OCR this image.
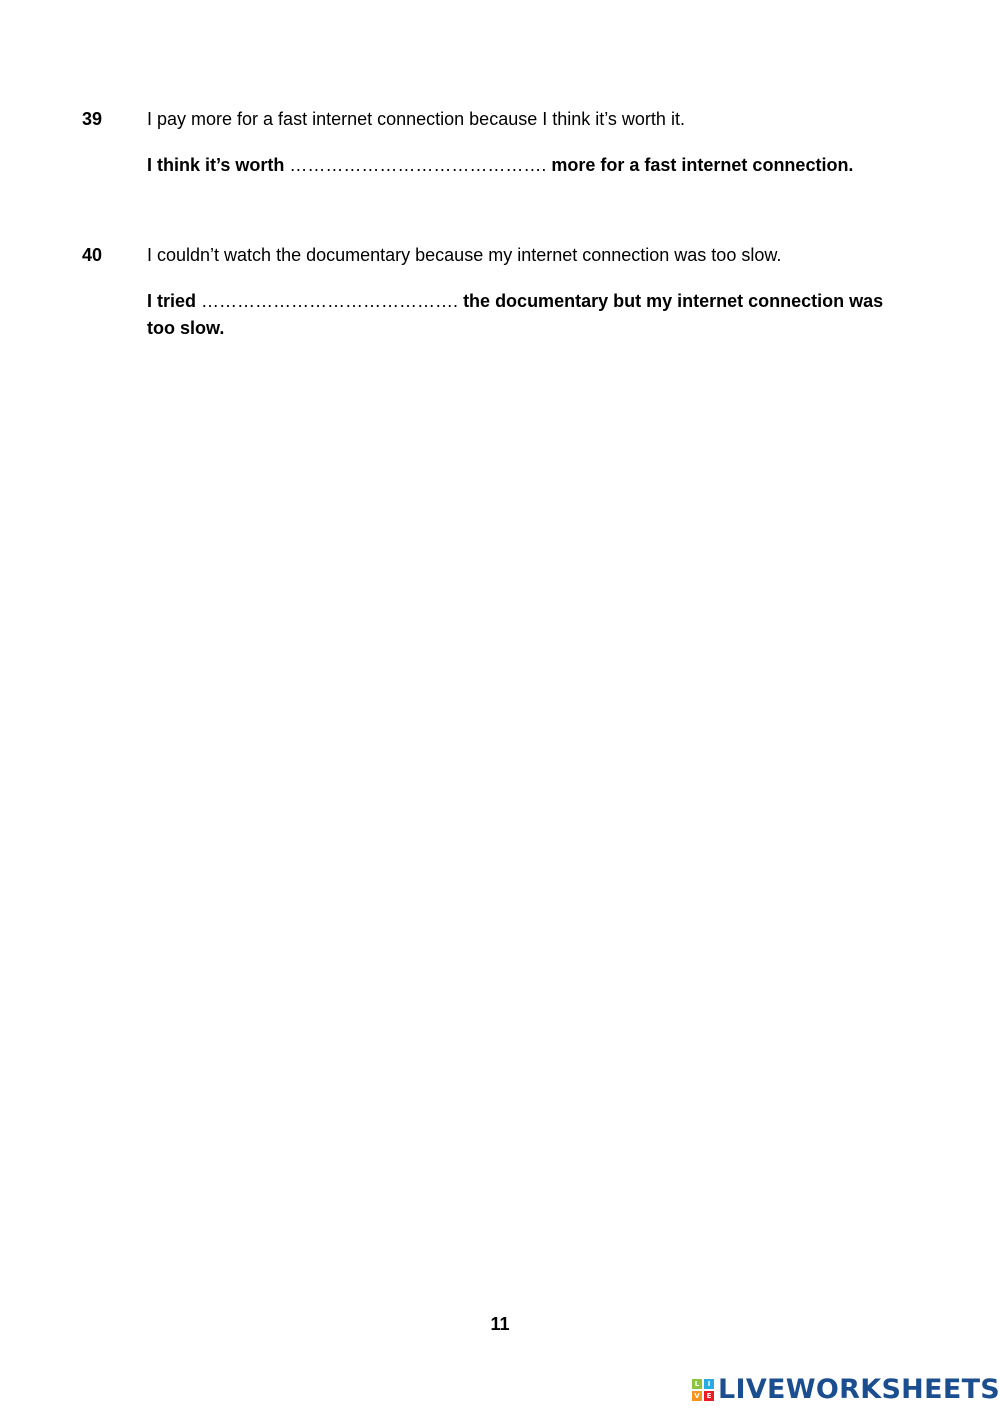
39 I pay more for a fast internet connection because I think it’s worth it.
I think it’s worth ……………………………………. more for a fast internet connection.
40 I couldn’t watch the documentary because my internet connection was too slow.
I tried ……………………………………. the documentary but my internet connection was too slow.
11
L	I
V E LIVEWORKSHEETS
